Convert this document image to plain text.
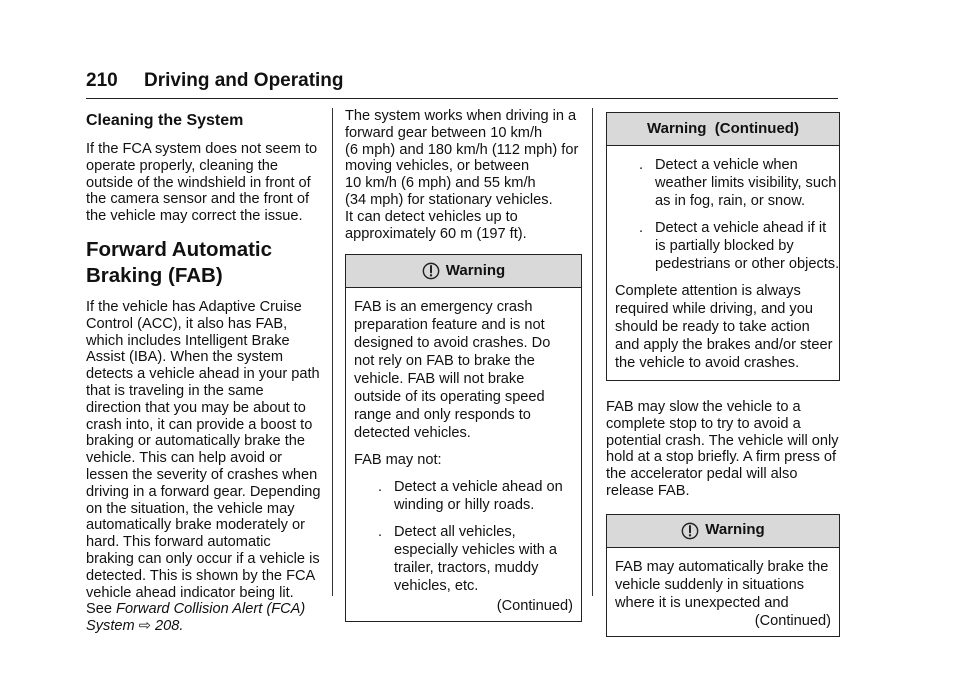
210 Driving and Operating
Cleaning the System

If the FCA system does not seem to
operate properly, cleaning the
outside of the windshield in front of
the camera sensor and the front of
the vehicle may correct the issue.

Forward Automatic
Braking (FAB)

If the vehicle has Adaptive Cruise
Control (ACC), it also has FAB,
which includes Intelligent Brake
Assist (IBA). When the system
detects a vehicle ahead in your path
that is traveling in the same
direction that you may be about to
crash into, it can provide a boost to
braking or automatically brake the
vehicle. This can help avoid or
lessen the severity of crashes when
driving in a forward gear. Depending
on the situation, the vehicle may
automatically brake moderately or
hard. This forward automatic
braking can only occur if a vehicle is
detected. This is shown by the FCA
vehicle ahead indicator being lit.
See Forward Collision Alert (FCA)
System ⇨ 208.

The system works when driving in a
forward gear between 10 km/h
(6 mph) and 180 km/h (112 mph) for
moving vehicles, or between
10 km/h (6 mph) and 55 km/h
(34 mph) for stationary vehicles.
It can detect vehicles up to
approximately 60 m (197 ft).

Warning

FAB is an emergency crash
preparation feature and is not
designed to avoid crashes. Do
not rely on FAB to brake the
vehicle. FAB will not brake
outside of its operating speed
range and only responds to
detected vehicles.

FAB may not:

. Detect a vehicle ahead on
winding or hilly roads.
. Detect all vehicles,
especially vehicles with a
trailer, tractors, muddy
vehicles, etc.
(Continued)
Warning  (Continued)
. Detect a vehicle when
weather limits visibility, such
as in fog, rain, or snow.
. Detect a vehicle ahead if it
is partially blocked by
pedestrians or other objects.

Complete attention is always
required while driving, and you
should be ready to take action
and apply the brakes and/or steer
the vehicle to avoid crashes.

FAB may slow the vehicle to a
complete stop to try to avoid a
potential crash. The vehicle will only
hold at a stop briefly. A firm press of
the accelerator pedal will also
release FAB.

Warning

FAB may automatically brake the
vehicle suddenly in situations
where it is unexpected and

(Continued)
